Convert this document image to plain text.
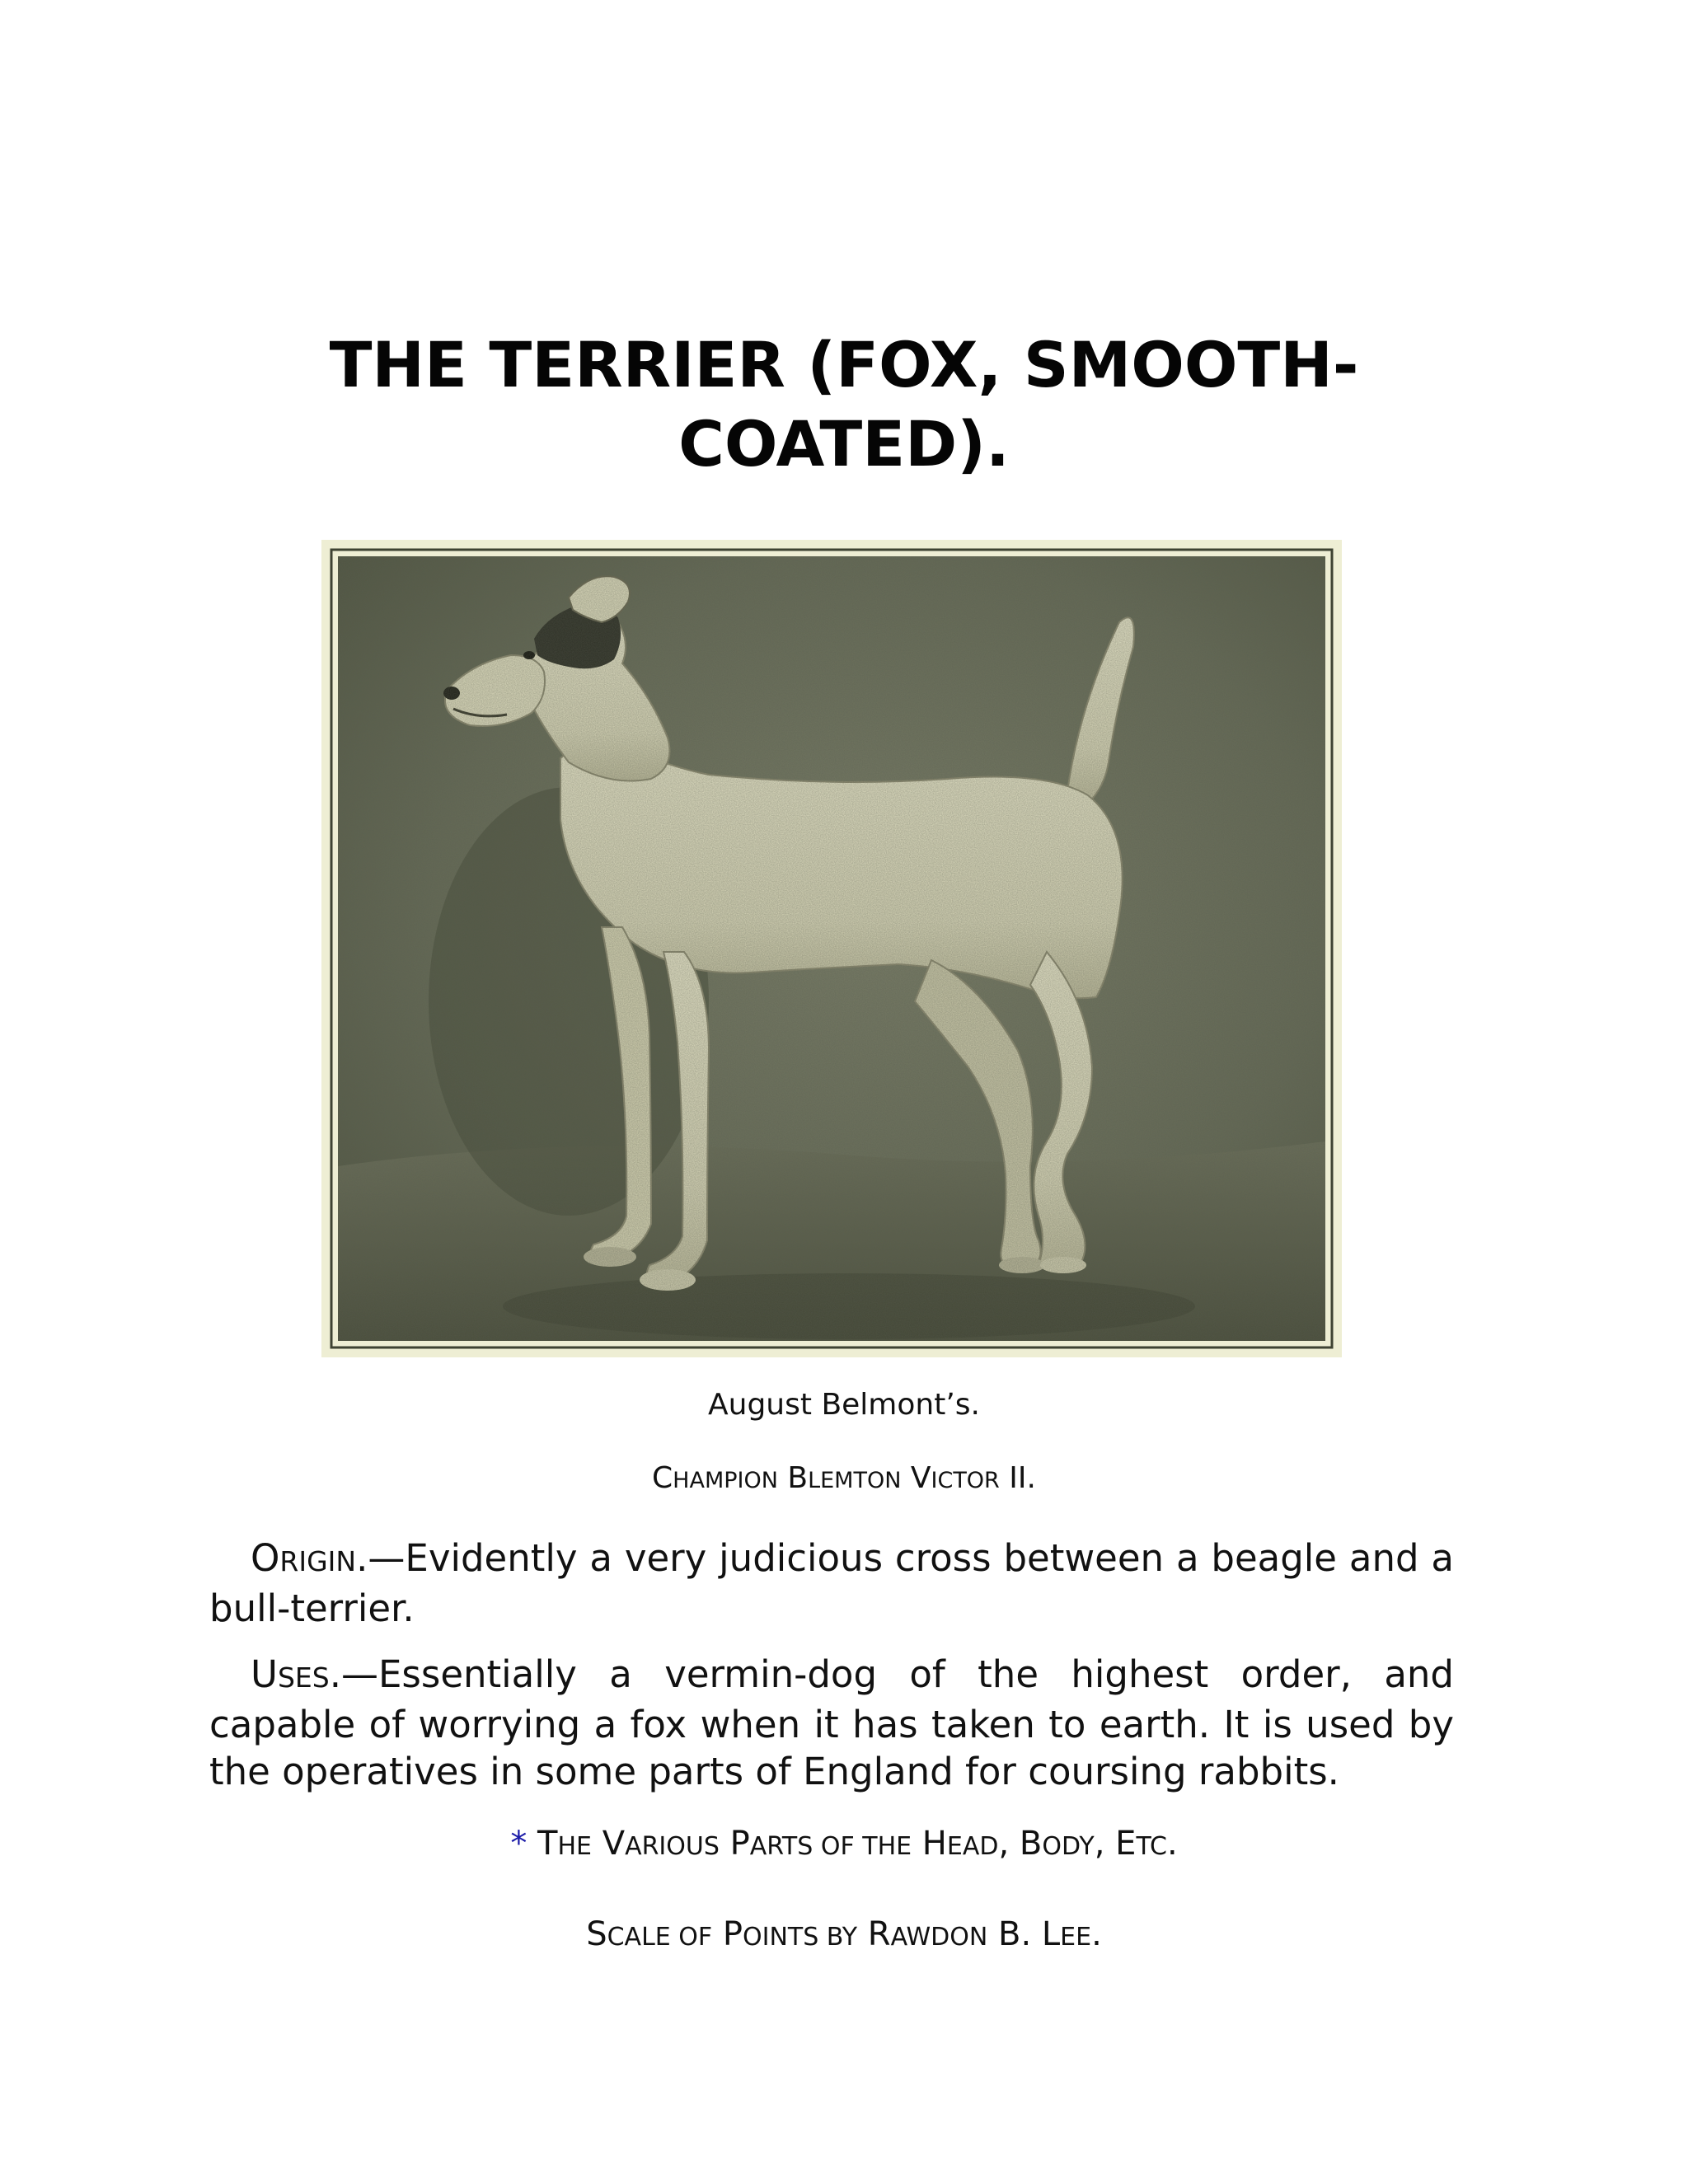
THE TERRIER (FOX, SMOOTH-COATED).

August Belmont’s.

CHAMPION BLEMTON VICTOR II.

ORIGIN.—Evidently a very judicious cross between a beagle and a bull-terrier.

USES.—Essentially a vermin-dog of the highest order, and capable of worrying a fox when it has taken to earth. It is used by the operatives in some parts of England for coursing rabbits.

* THE VARIOUS PARTS OF THE HEAD, BODY, ETC.

SCALE OF POINTS BY RAWDON B. LEE.
